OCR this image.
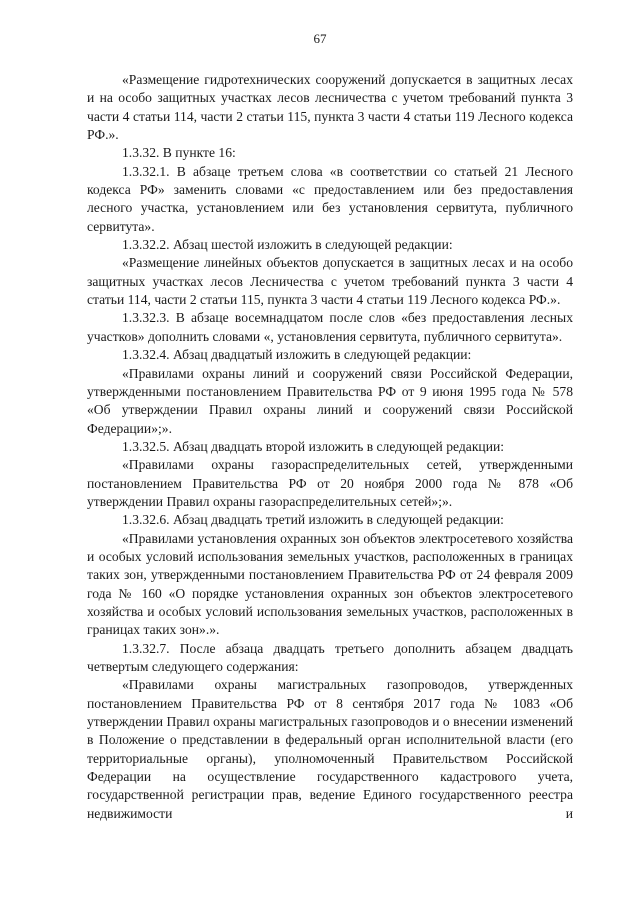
67

«Размещение гидротехнических сооружений допускается в защитных лесах и на особо защитных участках лесов лесничества с учетом требований пункта 3 части 4 статьи 114, части 2 статьи 115, пункта 3 части 4 статьи 119 Лесного кодекса РФ.».

1.3.32. В пункте 16:

1.3.32.1. В абзаце третьем слова «в соответствии со статьей 21 Лесного кодекса РФ» заменить словами «с предоставлением или без предоставления лесного участка, установлением или без установления сервитута, публичного сервитута».

1.3.32.2. Абзац шестой изложить в следующей редакции:

«Размещение линейных объектов допускается в защитных лесах и на особо защитных участках лесов Лесничества с учетом требований пункта 3 части 4 статьи 114, части 2 статьи 115, пункта 3 части 4 статьи 119 Лесного кодекса РФ.».

1.3.32.3. В абзаце восемнадцатом после слов «без предоставления лесных участков» дополнить словами «, установления сервитута, публичного сервитута».

1.3.32.4. Абзац двадцатый изложить в следующей редакции:

«Правилами охраны линий и сооружений связи Российской Федерации, утвержденными постановлением Правительства РФ от 9 июня 1995 года № 578 «Об утверждении Правил охраны линий и сооружений связи Российской Федерации»;».

1.3.32.5. Абзац двадцать второй изложить в следующей редакции:

«Правилами охраны газораспределительных сетей, утвержденными постановлением Правительства РФ от 20 ноября 2000 года № 878 «Об утверждении Правил охраны газораспределительных сетей»;».

1.3.32.6. Абзац двадцать третий изложить в следующей редакции:

«Правилами установления охранных зон объектов электросетевого хозяйства и особых условий использования земельных участков, расположенных в границах таких зон, утвержденными постановлением Правительства РФ от 24 февраля 2009 года № 160 «О порядке установления охранных зон объектов электросетевого хозяйства и особых условий использования земельных участков, расположенных в границах таких зон».».

1.3.32.7. После абзаца двадцать третьего дополнить абзацем двадцать четвертым следующего содержания:

«Правилами охраны магистральных газопроводов, утвержденных постановлением Правительства РФ от 8 сентября 2017 года № 1083 «Об утверждении Правил охраны магистральных газопроводов и о внесении изменений в Положение о представлении в федеральный орган исполнительной власти (его территориальные органы), уполномоченный Правительством Российской Федерации на осуществление государственного кадастрового учета, государственной регистрации прав, ведение Единого государственного реестра недвижимости и
